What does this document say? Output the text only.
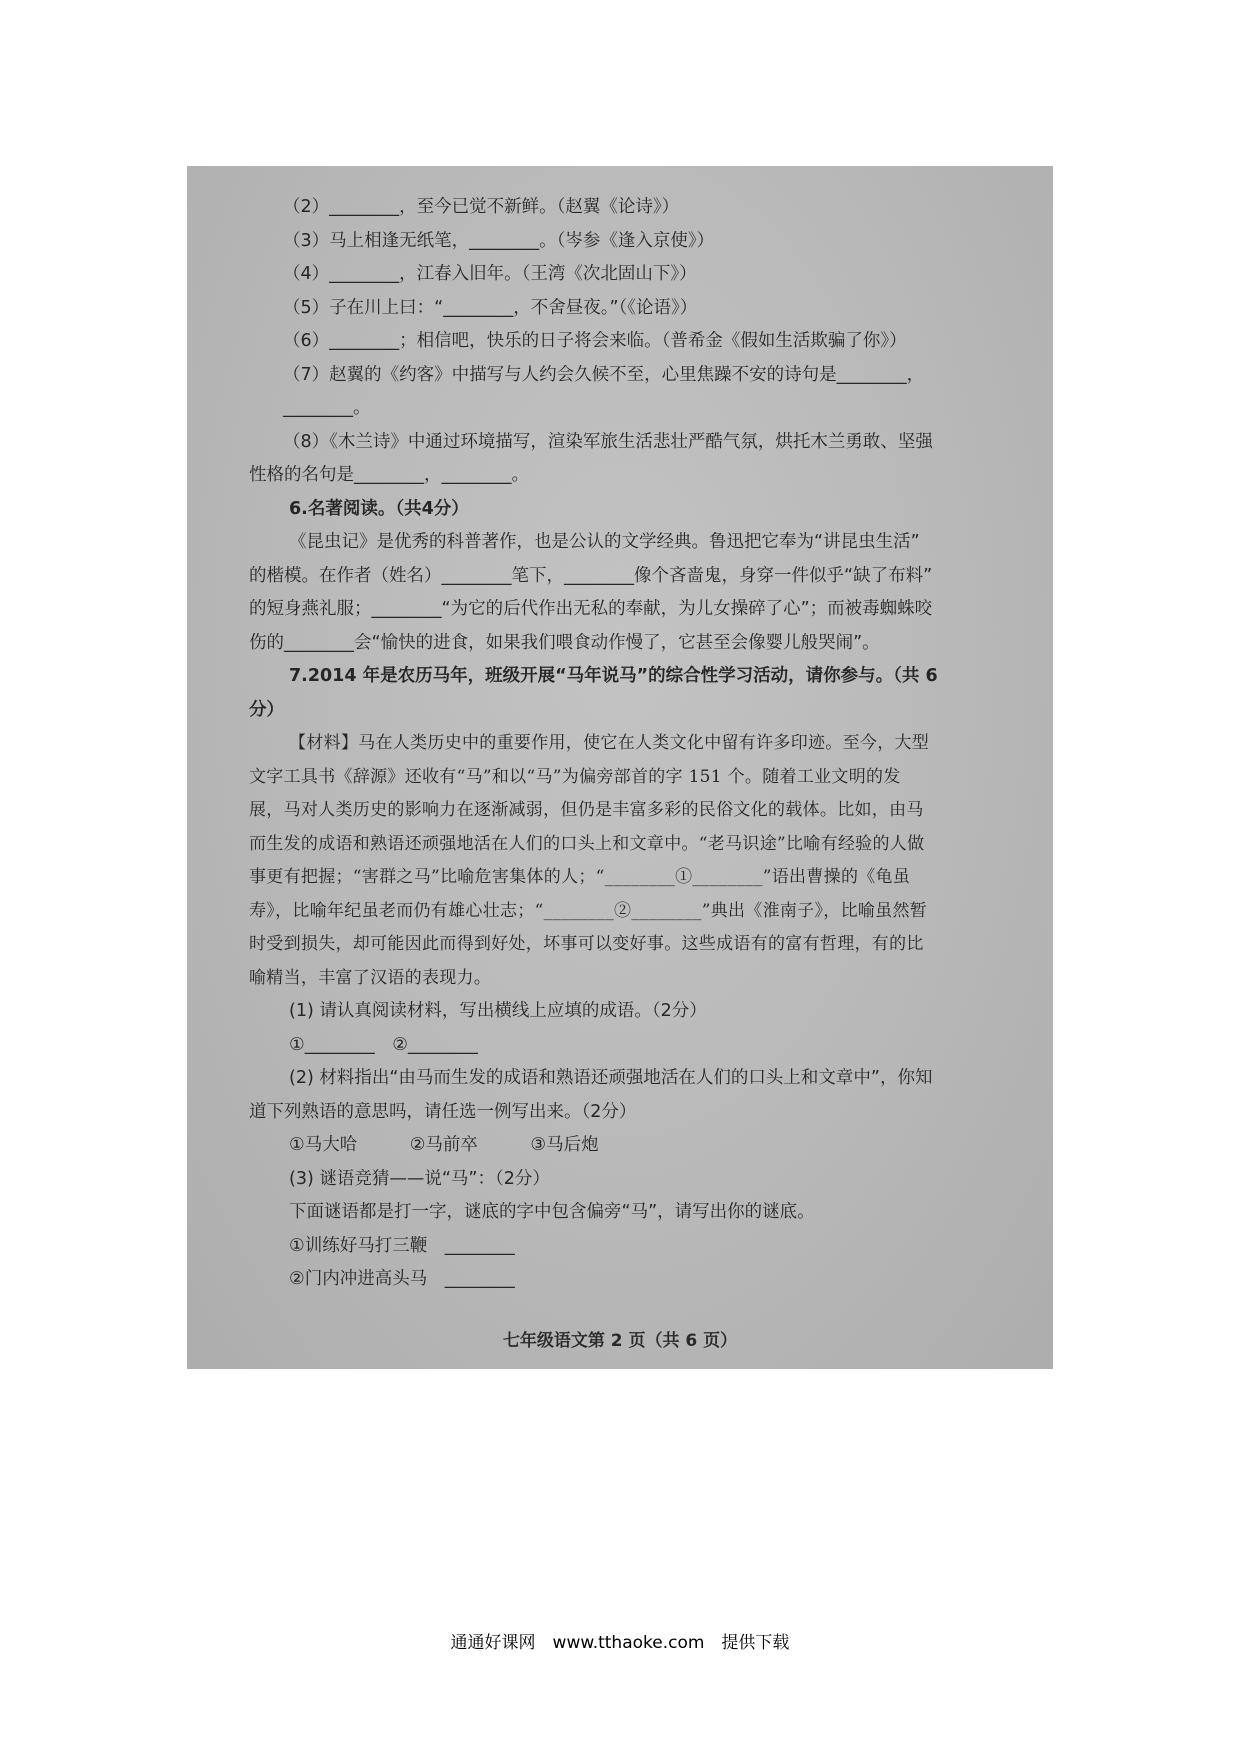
（2）________，至今已觉不新鲜。（赵翼《论诗》）
（3）马上相逢无纸笔，________。（岑参《逢入京使》）
（4）________，江春入旧年。（王湾《次北固山下》）
（5）子在川上曰：“________，不舍昼夜。”（《论语》）
（6）________；相信吧，快乐的日子将会来临。（普希金《假如生活欺骗了你》）
（7）赵翼的《约客》中描写与人约会久候不至，心里焦躁不安的诗句是________，
________。
（8）《木兰诗》中通过环境描写，渲染军旅生活悲壮严酷气氛，烘托木兰勇敢、坚强
性格的名句是________，________。
6.名著阅读。（共4分）
《昆虫记》是优秀的科普著作，也是公认的文学经典。鲁迅把它奉为“讲昆虫生活”
的楷模。在作者（姓名）________笔下，________像个吝啬鬼，身穿一件似乎“缺了布料”
的短身燕礼服；________“为它的后代作出无私的奉献，为儿女操碎了心”；而被毒蜘蛛咬
伤的________会“愉快的进食，如果我们喂食动作慢了，它甚至会像婴儿般哭闹”。
7.2014 年是农历马年，班级开展“马年说马”的综合性学习活动，请你参与。（共 6
分）
【材料】马在人类历史中的重要作用，使它在人类文化中留有许多印迹。至今，大型
文字工具书《辞源》还收有“马”和以“马”为偏旁部首的字 151 个。随着工业文明的发
展，马对人类历史的影响力在逐渐减弱，但仍是丰富多彩的民俗文化的载体。比如，由马
而生发的成语和熟语还顽强地活在人们的口头上和文章中。“老马识途”比喻有经验的人做
事更有把握；“害群之马”比喻危害集体的人；“________①________”语出曹操的《龟虽
寿》，比喻年纪虽老而仍有雄心壮志；“________②________”典出《淮南子》，比喻虽然暂
时受到损失，却可能因此而得到好处，坏事可以变好事。这些成语有的富有哲理，有的比
喻精当，丰富了汉语的表现力。
(1) 请认真阅读材料，写出横线上应填的成语。（2分）
①________　②________
(2) 材料指出“由马而生发的成语和熟语还顽强地活在人们的口头上和文章中”，你知
道下列熟语的意思吗，请任选一例写出来。（2分）
①马大哈　　　②马前卒　　　③马后炮
(3) 谜语竞猜——说“马”：（2分）
下面谜语都是打一字，谜底的字中包含偏旁“马”，请写出你的谜底。
①训练好马打三鞭　________
②门内冲进高头马　________
七年级语文第 2 页（共 6 页）
通通好课网　www.tthaoke.com　提供下载
